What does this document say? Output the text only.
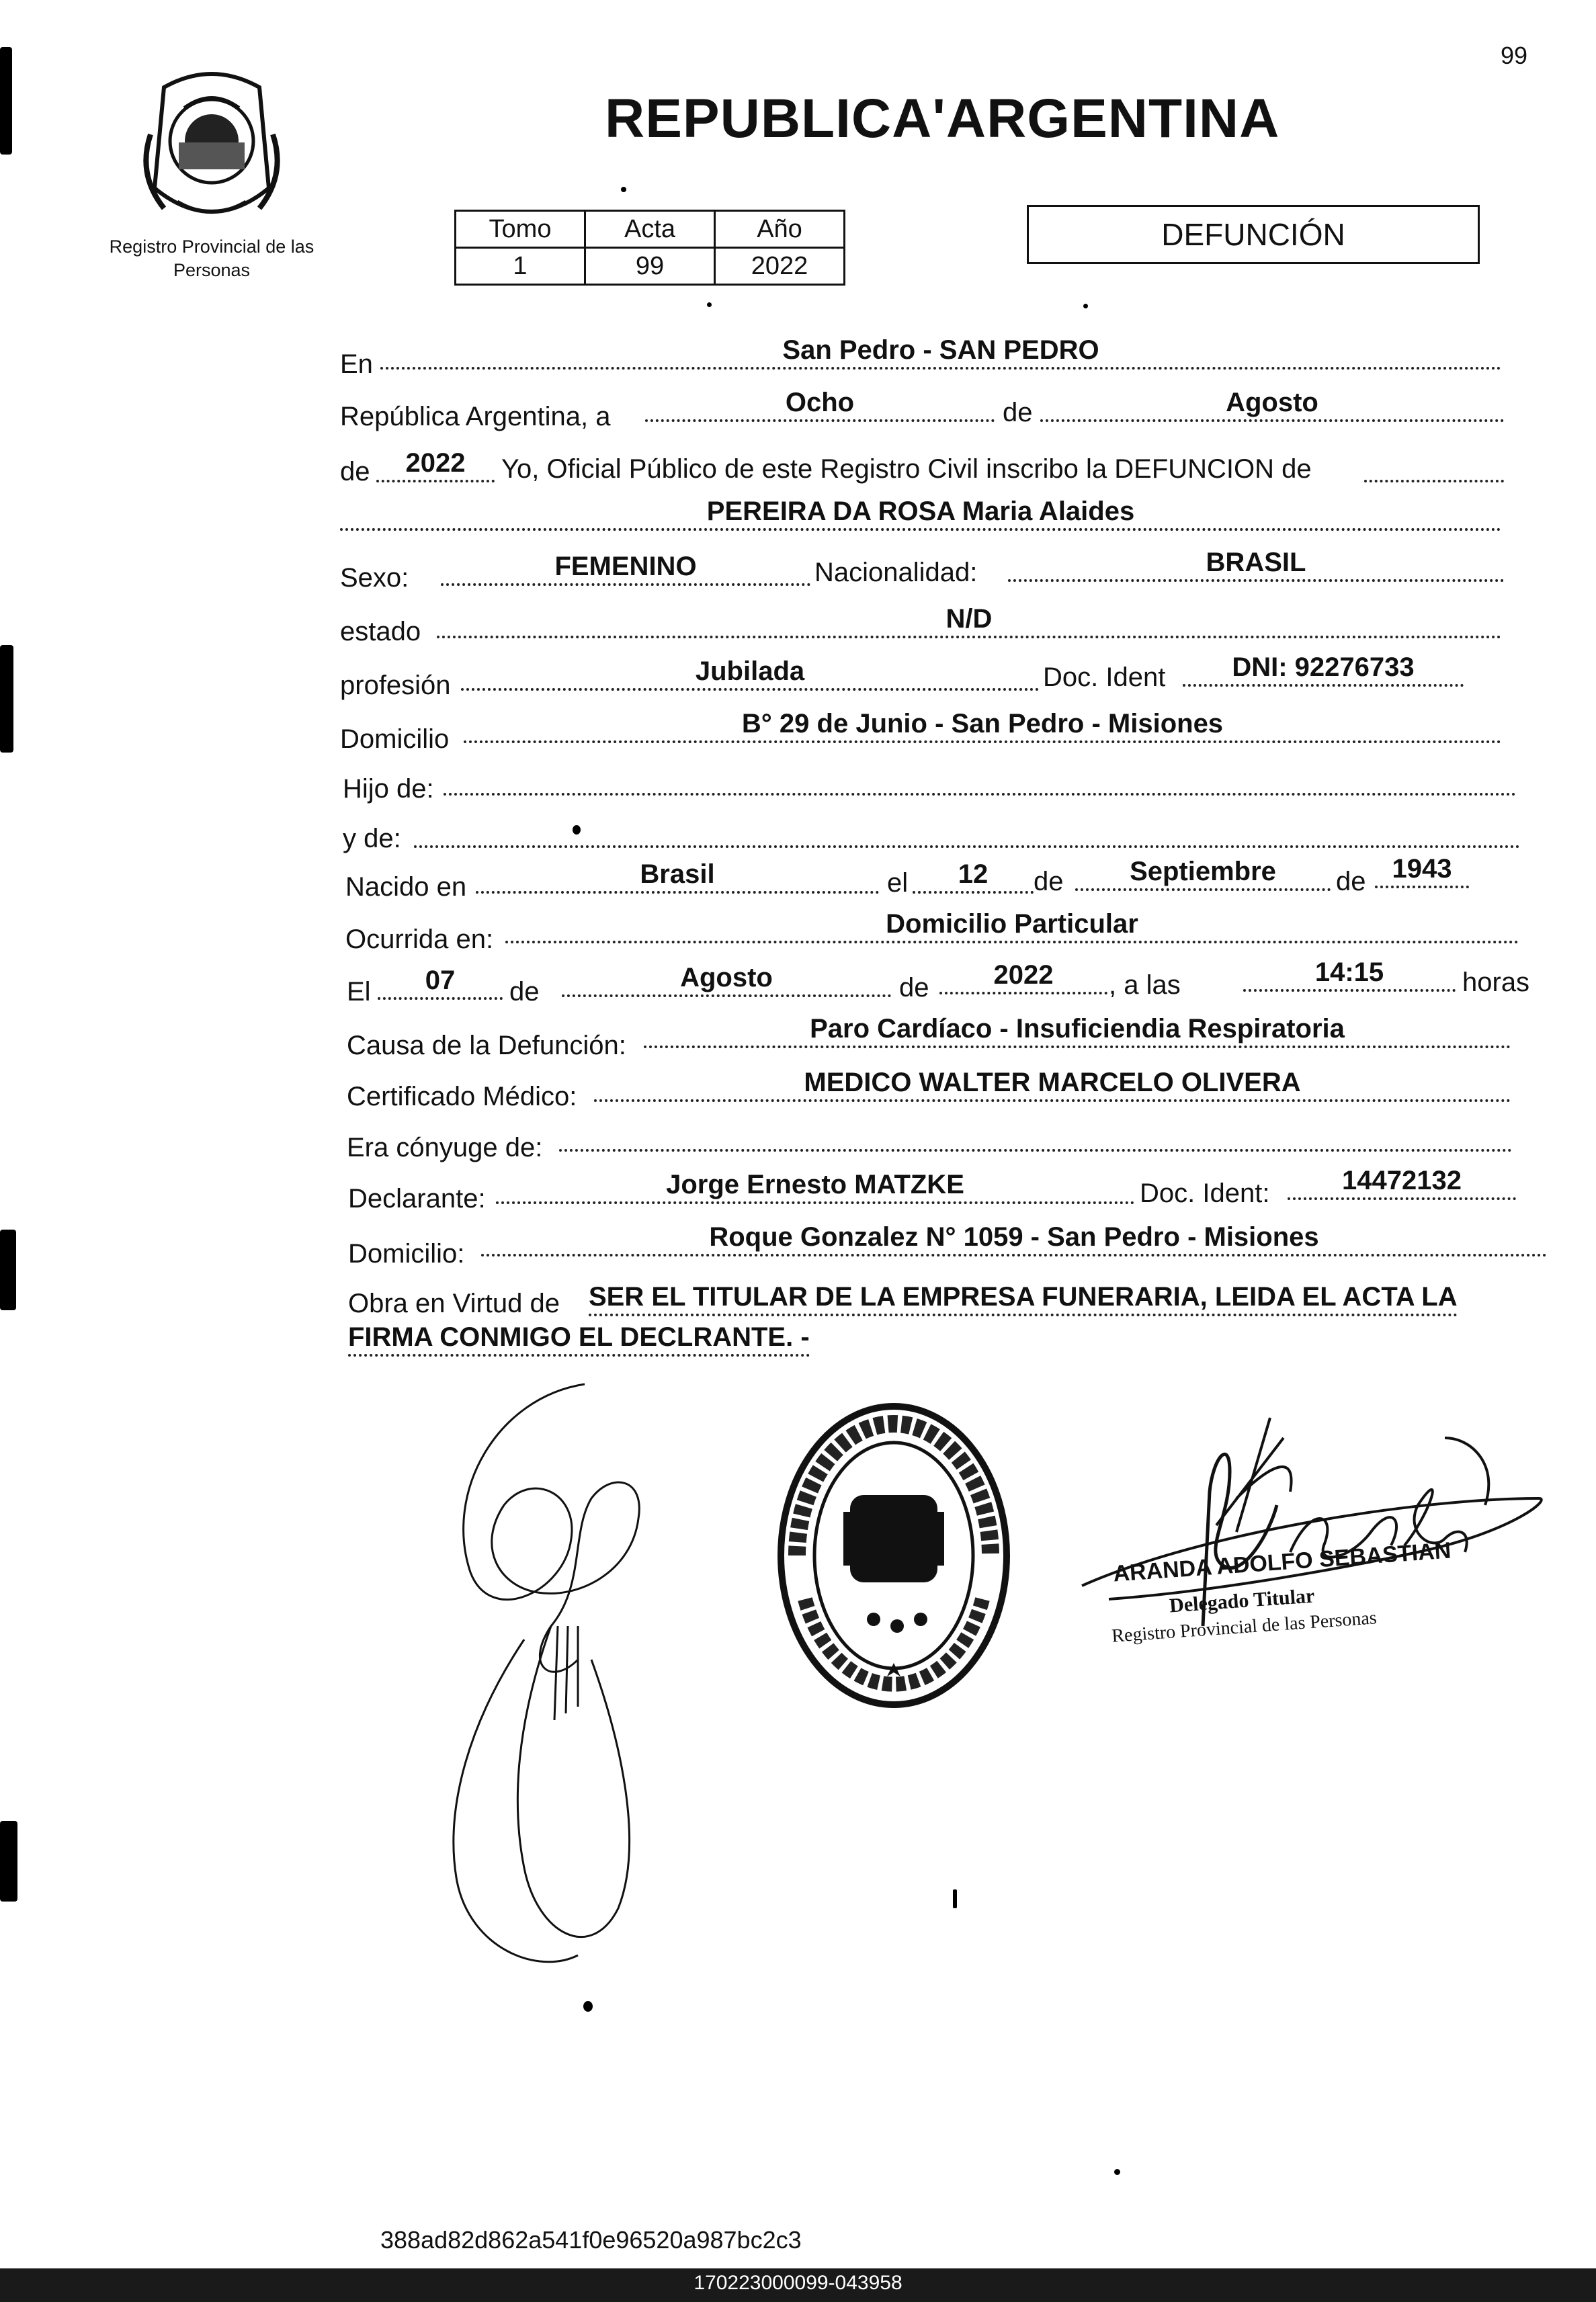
99
Registro Provincial de las Personas
REPUBLICA'ARGENTINA
Tomo	Acta	Año
1	99	2022
DEFUNCIÓN
En	San Pedro - SAN PEDRO
República Argentina, a	Ocho	de	Agosto
de	2022	Yo, Oficial Público de este Registro Civil inscribo la DEFUNCION de
PEREIRA DA ROSA Maria Alaides
Sexo:	FEMENINO	Nacionalidad:	BRASIL
estado	N/D
profesión	Jubilada	Doc. Ident	DNI: 92276733
Domicilio
B° 29 de Junio - San Pedro - Misiones
Hijo de:
y de:
Nacido en	Brasil	el	12	de	Septiembre	de 1943
Ocurrida en:
Domicilio Particular
El	07	de	Agosto	de	2022	, a las	14:15	horas
Causa de la Defunción:
Paro Cardíaco - Insuficiendia Respiratoria
Certificado Médico:	MEDICO WALTER MARCELO OLIVERA
Era cónyuge de:
Declarante:	Jorge Ernesto MATZKE	Doc. Ident:	14472132
Domicilio:
Roque Gonzalez N° 1059 - San Pedro - Misiones
Obra en Virtud de SER EL TITULAR DE LA EMPRESA FUNERARIA, LEIDA EL ACTA LA
FIRMA CONMIGO EL DECLRANTE. -
ARANDA ADOLFO SEBASTIAN
Delegado Titular
Registro Provincial de las Personas
388ad82d862a541f0e96520a987bc2c3
170223000099-043958
